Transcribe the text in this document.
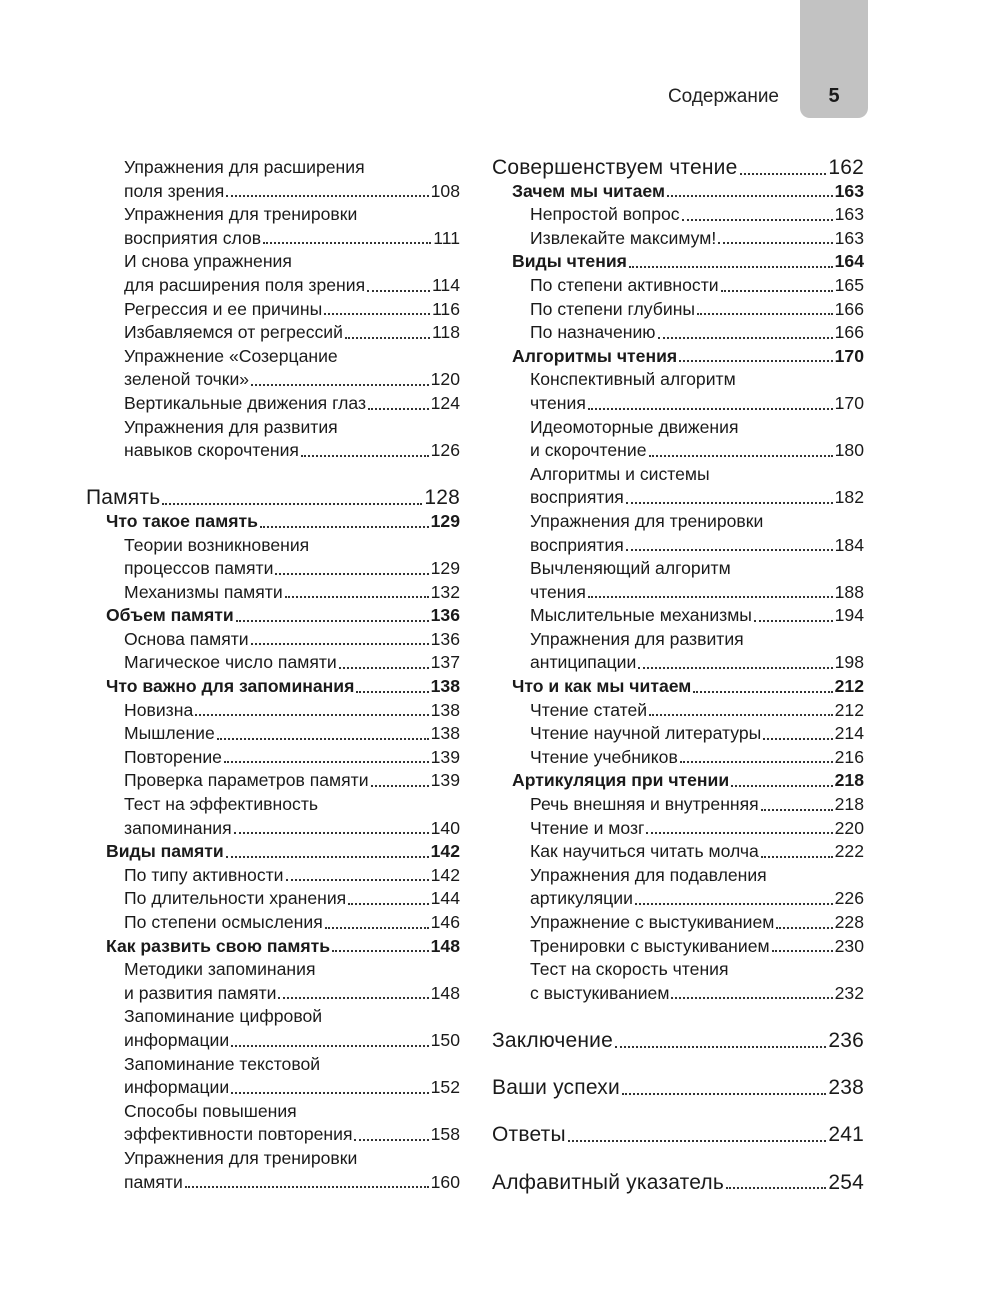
5
Содержание
Упражнения для расширения
поля зрения	108
Упражнения для тренировки
восприятия слов	111
И снова упражнения
для расширения поля зрения	114
Регрессия и ее причины	116
Избавляемся от регрессий	118
Упражнение «Созерцание
зеленой точки»	120
Вертикальные движения глаз	124
Упражнения для развития
навыков скорочтения	126
Память	128
Что такое память	129
Теории возникновения
процессов памяти	129
Механизмы памяти	132
Объем памяти	136
Основа памяти	136
Магическое число памяти	137
Что важно для запоминания	138
Новизна	138
Мышление	138
Повторение	139
Проверка параметров памяти	139
Тест на эффективность
запоминания	140
Виды памяти	142
По типу активности	142
По длительности хранения	144
По степени осмысления	146
Как развить свою память	148
Методики запоминания
и развития памяти	148
Запоминание цифровой
информации	150
Запоминание текстовой
информации	152
Способы повышения
эффективности повторения	158
Упражнения для тренировки
памяти	160
Совершенствуем чтение	162
Зачем мы читаем	163
Непростой вопрос	163
Извлекайте максимум!	163
Виды чтения	164
По степени активности	165
По степени глубины	166
По назначению	166
Алгоритмы чтения	170
Конспективный алгоритм
чтения	170
Идеомоторные движения
и скорочтение	180
Алгоритмы и системы
восприятия	182
Упражнения для тренировки
восприятия	184
Вычленяющий алгоритм
чтения	188
Мыслительные механизмы	194
Упражнения для развития
антиципации	198
Что и как мы читаем	212
Чтение статей	212
Чтение научной литературы	214
Чтение учебников	216
Артикуляция при чтении	218
Речь внешняя и внутренняя	218
Чтение и мозг	220
Как научиться читать молча	222
Упражнения для подавления
артикуляции	226
Упражнение с выстукиванием	228
Тренировки с выстукиванием	230
Тест на скорость чтения
с выстукиванием	232
Заключение	236
Ваши успехи	238
Ответы	241
Алфавитный указатель	254
